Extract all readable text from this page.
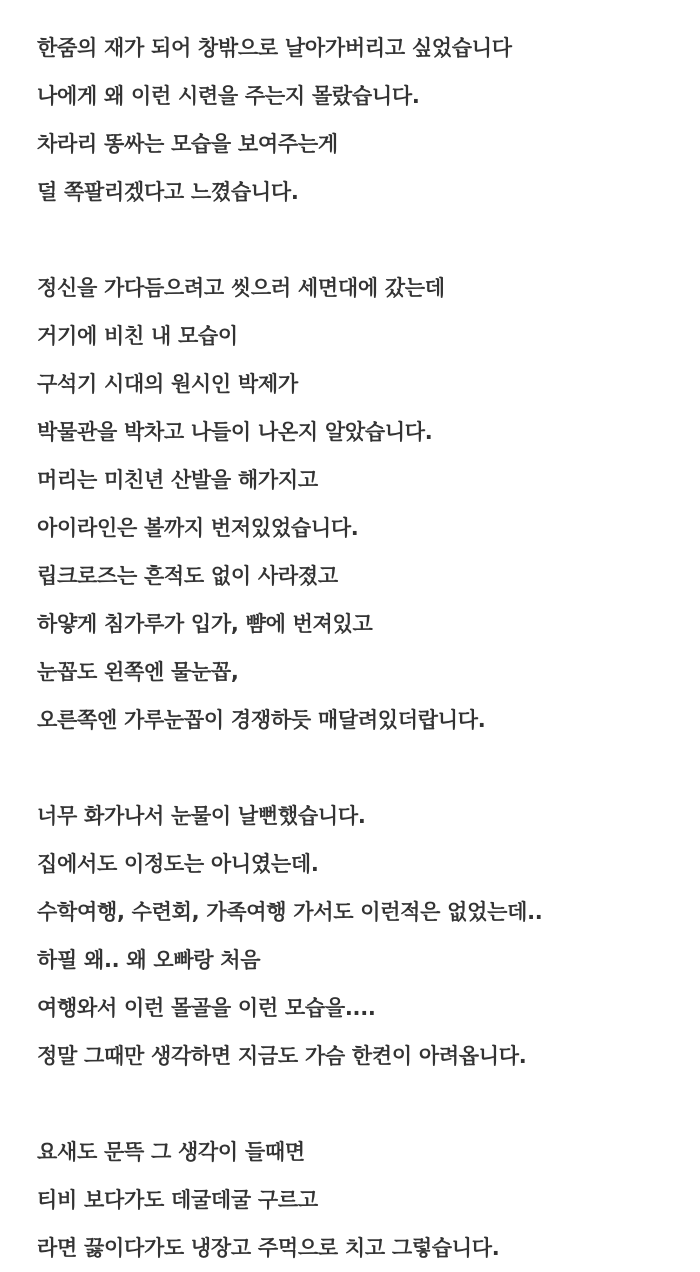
한줌의 재가 되어 창밖으로 날아가버리고 싶었습니다
나에게 왜 이런 시련을 주는지 몰랐습니다.
차라리 똥싸는 모습을 보여주는게
덜 쪽팔리겠다고 느꼈습니다.
정신을 가다듬으려고 씻으러 세면대에 갔는데
거기에 비친 내 모습이
구석기 시대의 원시인 박제가
박물관을 박차고 나들이 나온지 알았습니다.
머리는 미친년 산발을 해가지고
아이라인은 볼까지 번저있었습니다.
립크로즈는 흔적도 없이 사라졌고
하얗게 침가루가 입가, 뺨에 번져있고
눈꼽도 왼쪽엔 물눈꼽,
오른쪽엔 가루눈꼽이 경쟁하듯 매달려있더랍니다.
너무 화가나서 눈물이 날뻔했습니다.
집에서도 이정도는 아니였는데.
수학여행, 수련회, 가족여행 가서도 이런적은 없었는데..
하필 왜.. 왜 오빠랑 처음
여행와서 이런 몰골을 이런 모습을....
정말 그때만 생각하면 지금도 가슴 한켠이 아려옵니다.
요새도 문뜩 그 생각이 들때면
티비 보다가도 데굴데굴 구르고
라면 끓이다가도 냉장고 주먹으로 치고 그렇습니다.
